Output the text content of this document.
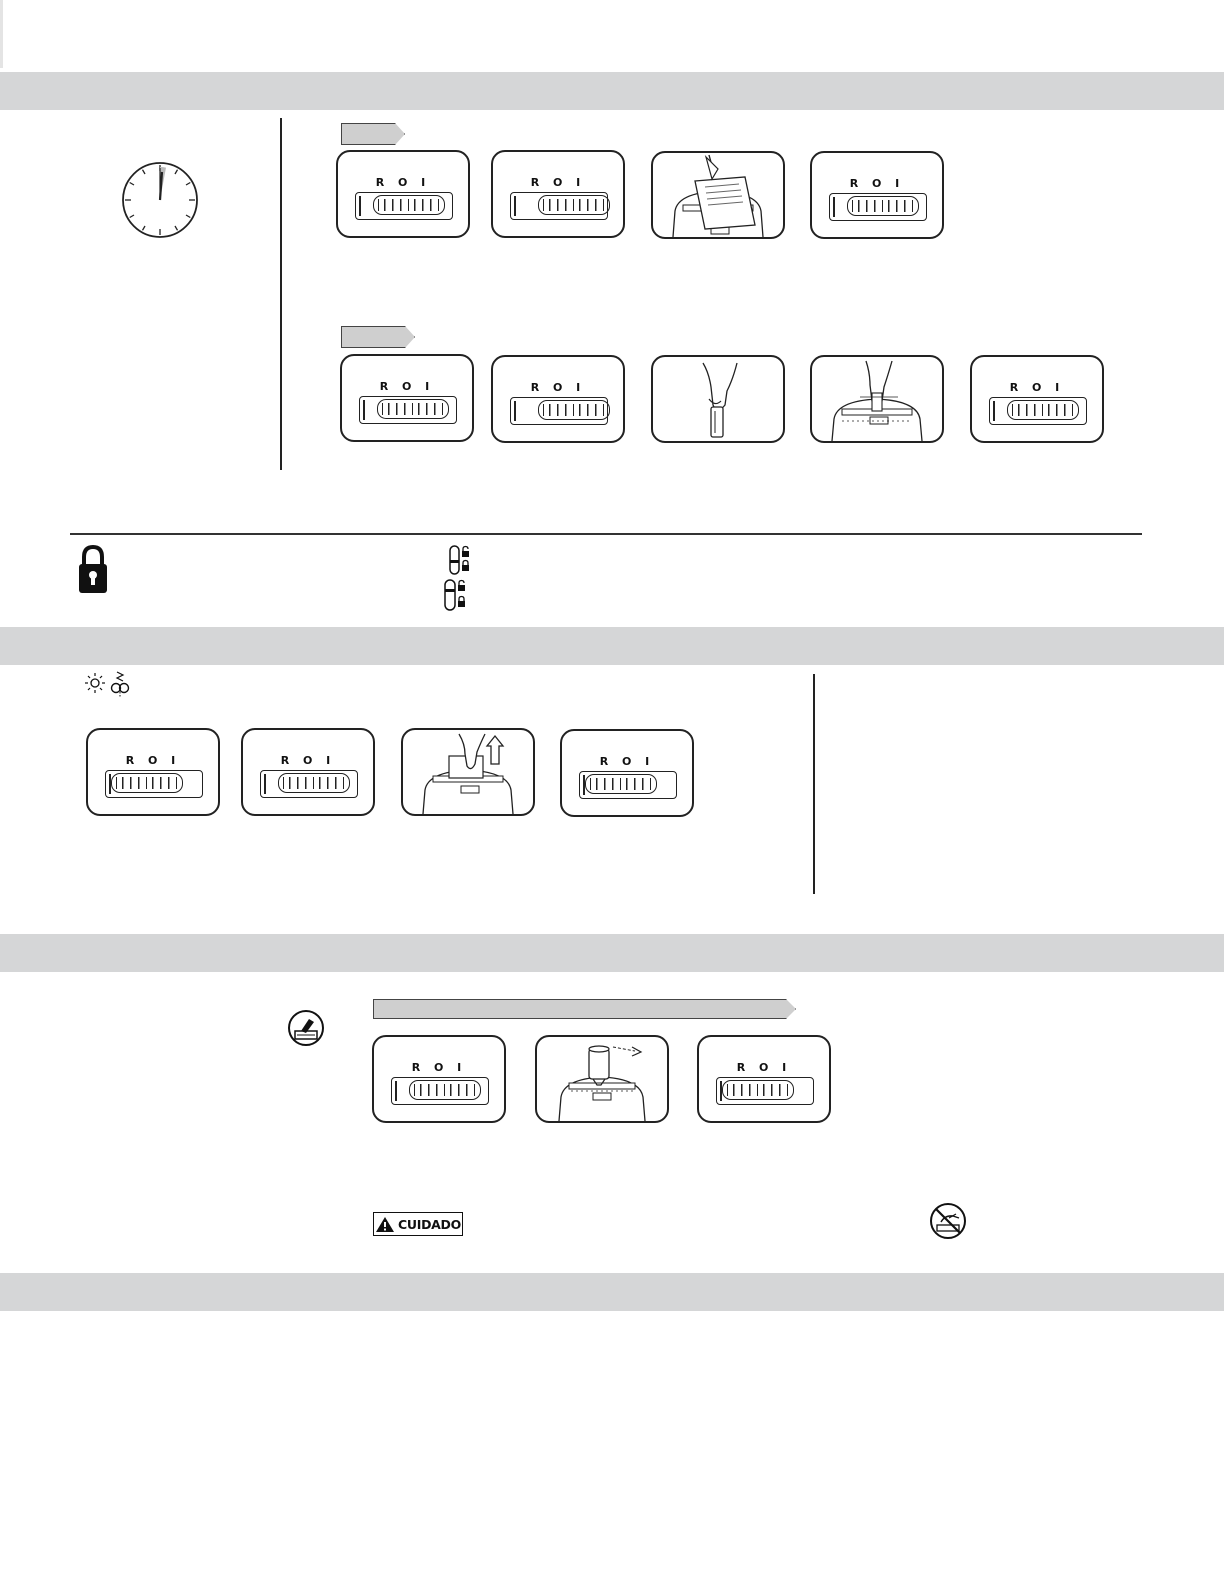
R O I	R O I	R O I
R O I	R O I	R O I
R O I	R O I	R O I
R O I	R O I
CUIDADO
